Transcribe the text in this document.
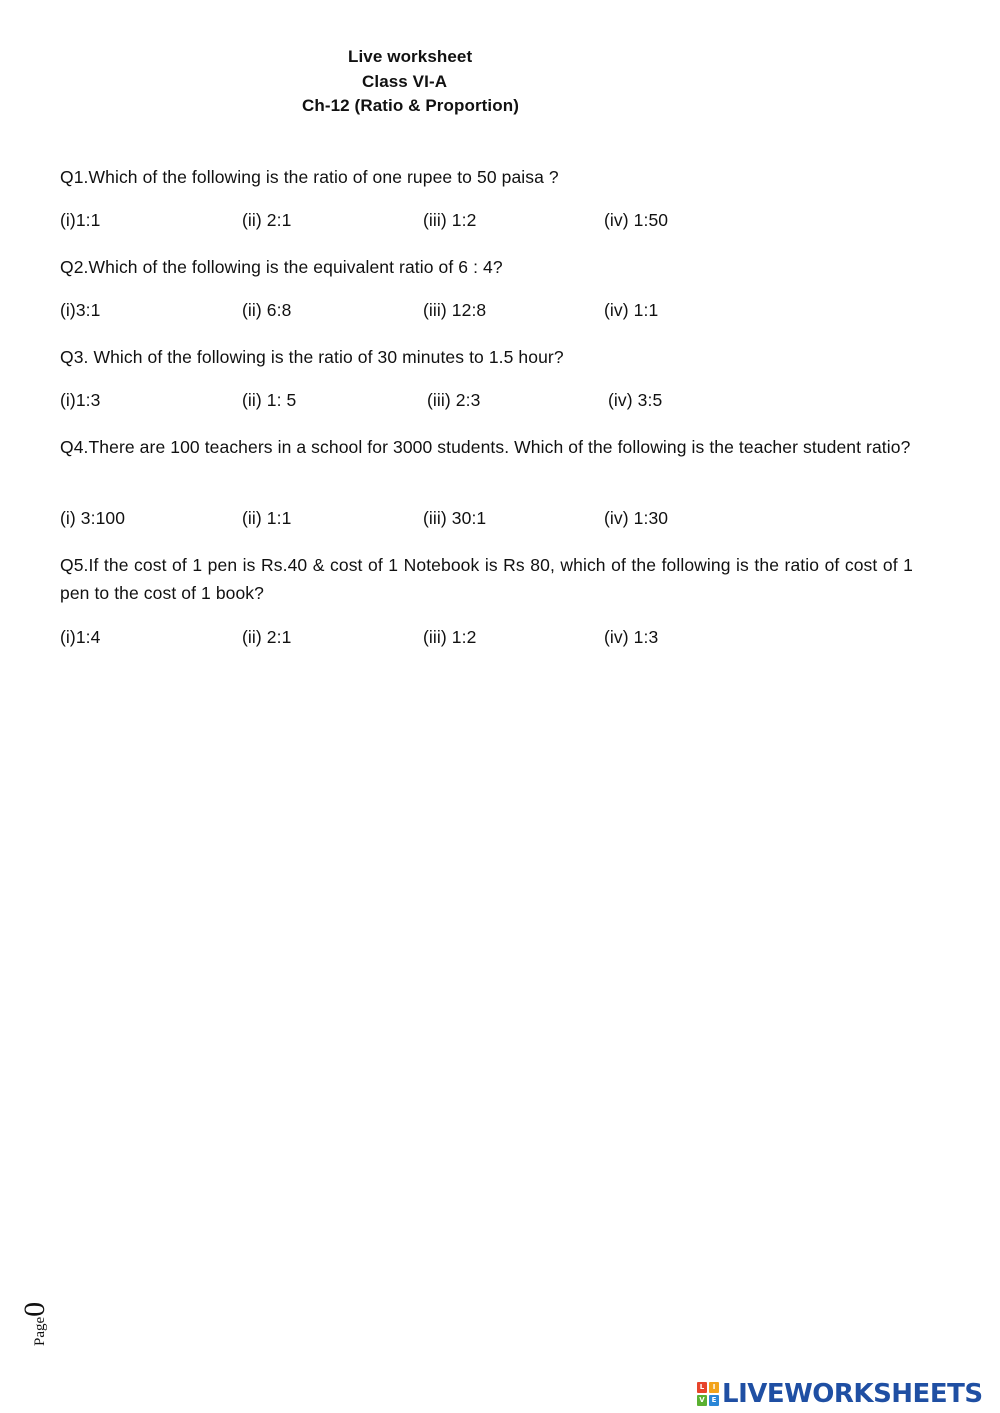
Live worksheet
Class VI-A
Ch-12 (Ratio & Proportion)
Q1.Which of the following is the ratio of one rupee to 50 paisa ?
(i)1:1	(ii) 2:1	(iii) 1:2	(iv) 1:50
Q2.Which of the following is the equivalent ratio of 6 : 4?
(i)3:1	(ii) 6:8	(iii) 12:8	(iv) 1:1
Q3. Which of the following is the ratio of 30 minutes to 1.5 hour?
(i)1:3	(ii) 1: 5	(iii) 2:3	(iv) 3:5
Q4.There are 100 teachers in a school for 3000 students. Which of the following is the teacher student ratio?
(i) 3:100	(ii) 1:1	(iii) 30:1	(iv) 1:30
Q5.If the cost of 1 pen is Rs.40 & cost of 1 Notebook is Rs 80, which of the following is the ratio of cost of 1 pen to the cost of 1 book?
(i)1:4	(ii) 2:1	(iii) 1:2	(iv) 1:3
Page0
L	I
V E LIVEWORKSHEETS
